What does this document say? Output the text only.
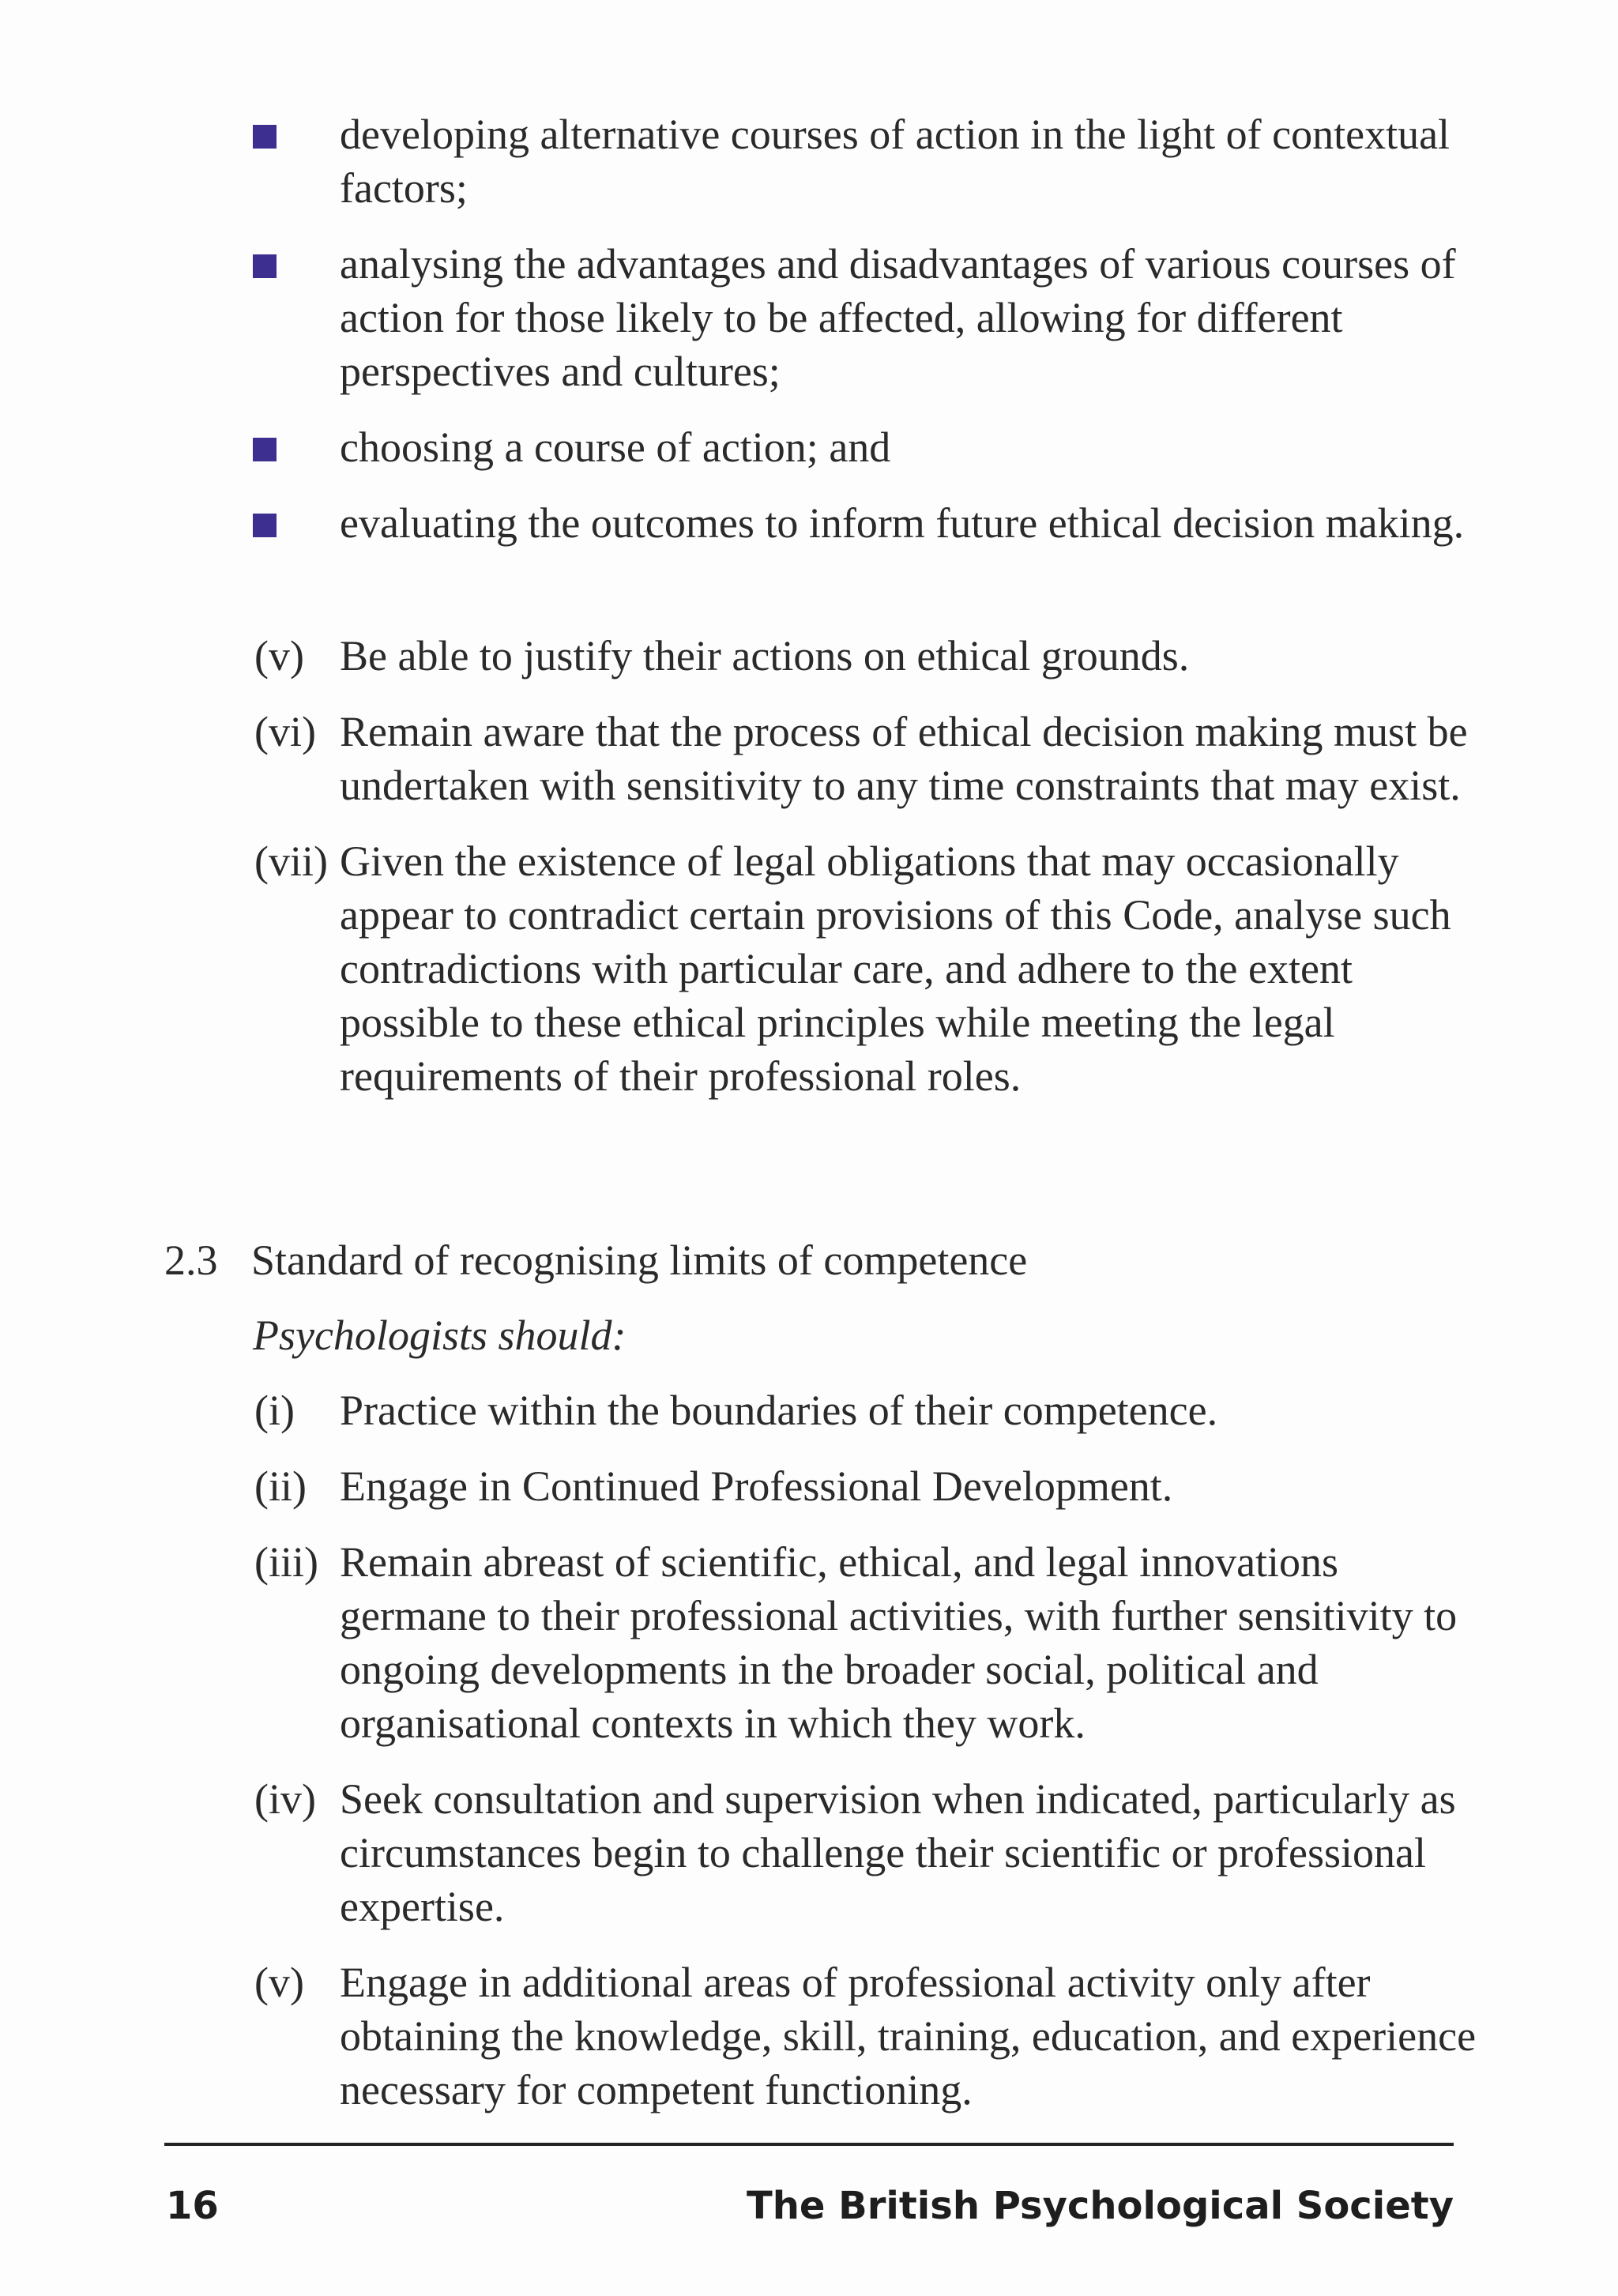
developing alternative courses of action in the light of contextual factors;
analysing the advantages and disadvantages of various courses of action for those likely to be affected, allowing for different perspectives and cultures;
choosing a course of action; and
evaluating the outcomes to inform future ethical decision making.
(v) Be able to justify their actions on ethical grounds.
(vi) Remain aware that the process of ethical decision making must be undertaken with sensitivity to any time constraints that may exist.
(vii) Given the existence of legal obligations that may occasionally appear to contradict certain provisions of this Code, analyse such contradictions with particular care, and adhere to the extent possible to these ethical principles while meeting the legal requirements of their professional roles.
2.3 Standard of recognising limits of competence
Psychologists should:
(i) Practice within the boundaries of their competence.
(ii) Engage in Continued Professional Development.
(iii) Remain abreast of scientific, ethical, and legal innovations germane to their professional activities, with further sensitivity to ongoing developments in the broader social, political and organisational contexts in which they work.
(iv) Seek consultation and supervision when indicated, particularly as circumstances begin to challenge their scientific or professional expertise.
(v) Engage in additional areas of professional activity only after obtaining the knowledge, skill, training, education, and experience necessary for competent functioning.
16	The British Psychological Society
